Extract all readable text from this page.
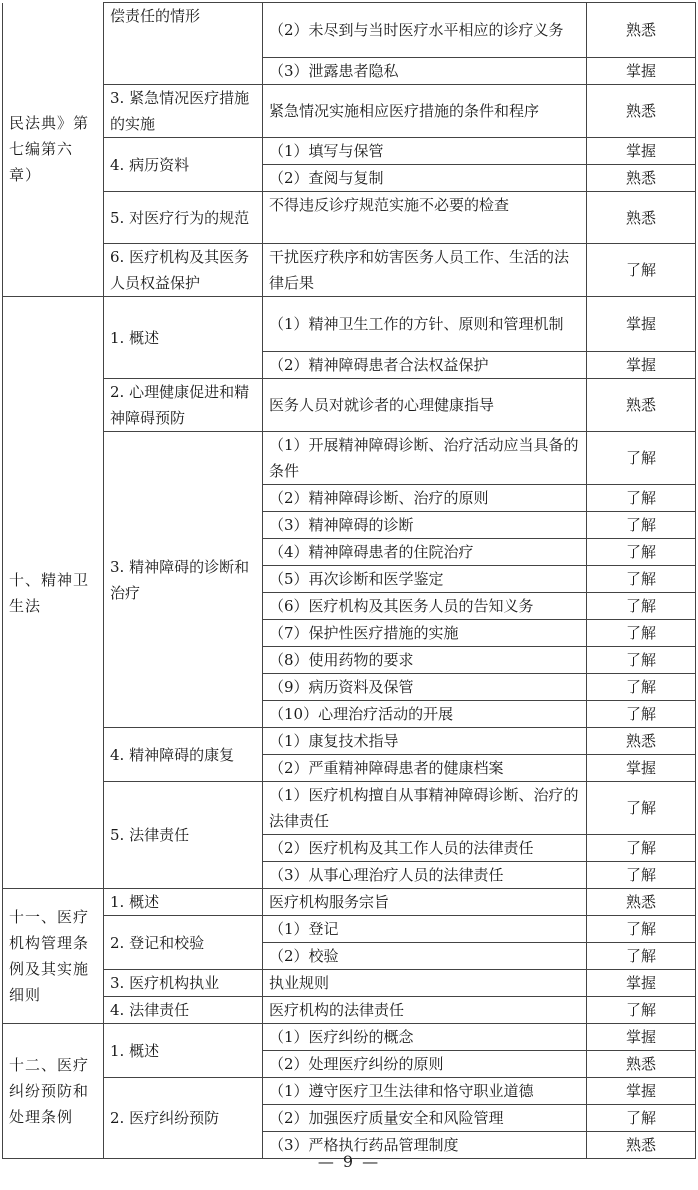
民法典》第七编第六章）	偿责任的情形	（2）未尽到与当时医疗水平相应的诊疗义务	熟悉
		（3）泄露患者隐私	掌握
	3. 紧急情况医疗措施的实施	紧急情况实施相应医疗措施的条件和程序	熟悉
	4. 病历资料	（1）填写与保管	掌握
		（2）查阅与复制	熟悉
	5. 对医疗行为的规范	不得违反诊疗规范实施不必要的检查	熟悉
	6. 医疗机构及其医务人员权益保护	干扰医疗秩序和妨害医务人员工作、生活的法律后果	了解

十、精神卫生法	1. 概述	（1）精神卫生工作的方针、原则和管理机制	掌握
		（2）精神障碍患者合法权益保护	掌握
	2. 心理健康促进和精神障碍预防	医务人员对就诊者的心理健康指导	熟悉
	3. 精神障碍的诊断和治疗	（1）开展精神障碍诊断、治疗活动应当具备的条件	了解
		（2）精神障碍诊断、治疗的原则	了解
		（3）精神障碍的诊断	了解
		（4）精神障碍患者的住院治疗	了解
		（5）再次诊断和医学鉴定	了解
		（6）医疗机构及其医务人员的告知义务	了解
		（7）保护性医疗措施的实施	了解
		（8）使用药物的要求	了解
		（9）病历资料及保管	了解
		（10）心理治疗活动的开展	了解
	4. 精神障碍的康复	（1）康复技术指导	熟悉
		（2）严重精神障碍患者的健康档案	掌握
	5. 法律责任	（1）医疗机构擅自从事精神障碍诊断、治疗的法律责任	了解
		（2）医疗机构及其工作人员的法律责任	了解
		（3）从事心理治疗人员的法律责任	了解

十一、医疗机构管理条例及其实施细则	1. 概述	医疗机构服务宗旨	熟悉
	2. 登记和校验	（1）登记	了解
		（2）校验	了解
	3. 医疗机构执业	执业规则	掌握
	4. 法律责任	医疗机构的法律责任	了解
十二、医疗纠纷预防和处理条例	1. 概述	（1）医疗纠纷的概念	掌握
		（2）处理医疗纠纷的原则	熟悉
	2. 医疗纠纷预防	（1）遵守医疗卫生法律和恪守职业道德	掌握
		（2）加强医疗质量安全和风险管理	了解
		（3）严格执行药品管理制度	熟悉
— 9 —
